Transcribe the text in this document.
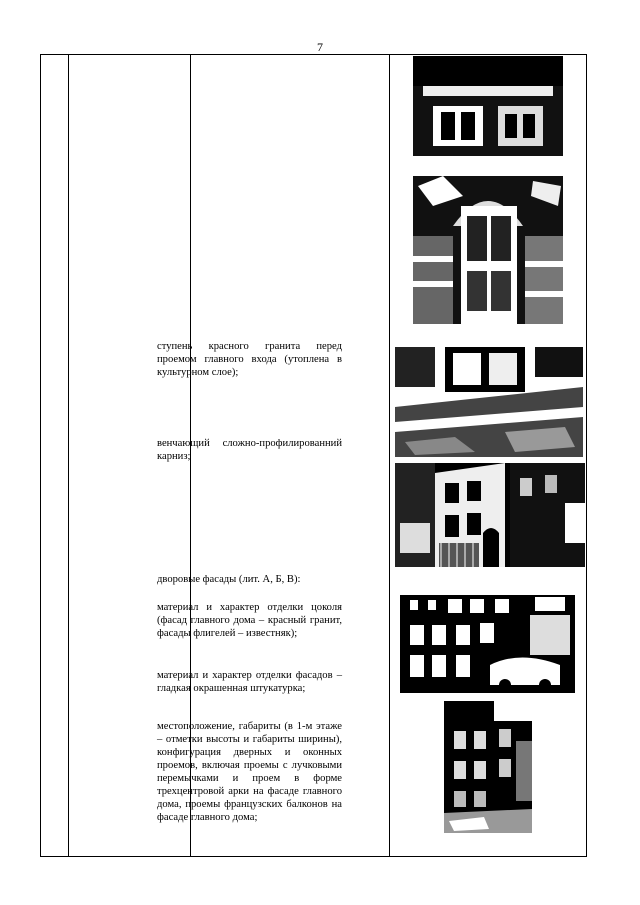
7
ступень красного гранита перед проемом главного входа (утоплена в культурном слое);
венчающий сложно-профилированний карниз;
дворовые фасады (лит. А, Б, В):
материал и характер отделки цоколя (фасад главного дома – красный гранит, фасады флигелей – известняк);
материал и характер отделки фасадов – гладкая окрашенная штукатурка;
местоположение, габариты (в 1-м этаже – отметки высоты и габариты ширины), конфигурация дверных и оконных проемов, включая проемы с лучковыми перемычками и проем в форме трехцентровой арки на фасаде главного дома, проемы французских балконов на фасаде главного дома;
